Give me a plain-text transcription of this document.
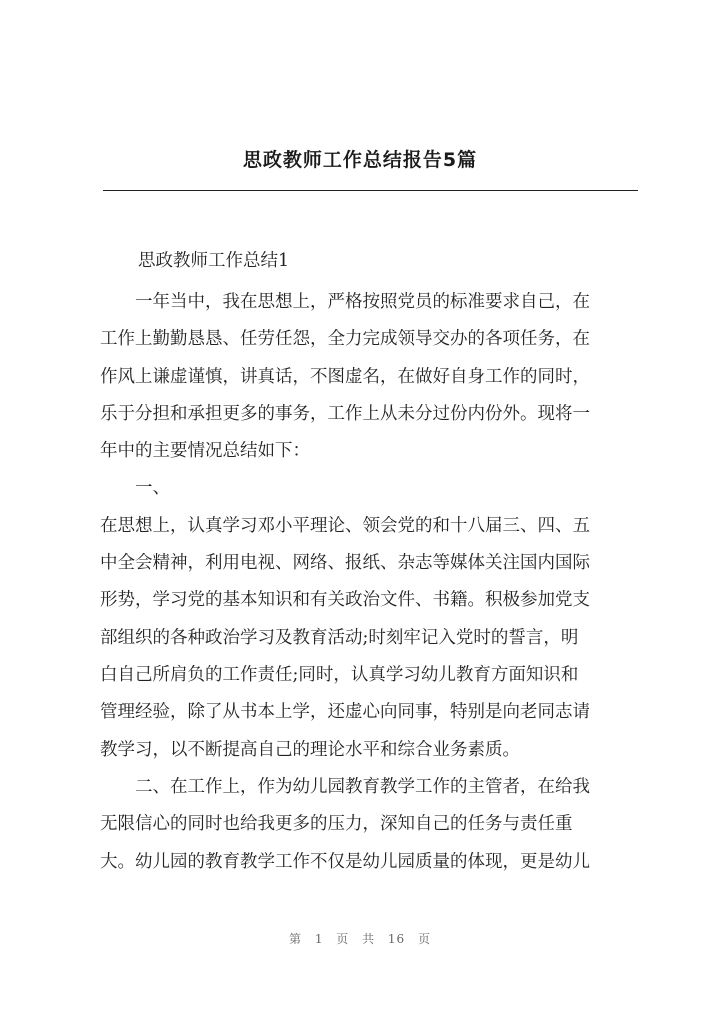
思政教师工作总结报告5篇

思政教师工作总结1

一年当中，我在思想上，严格按照党员的标准要求自己，在

工作上勤勤恳恳、任劳任怨，全力完成领导交办的各项任务，在

作风上谦虚谨慎，讲真话，不图虚名，在做好自身工作的同时，

乐于分担和承担更多的事务，工作上从未分过份内份外。现将一

年中的主要情况总结如下：

一、

在思想上，认真学习邓小平理论、领会党的和十八届三、四、五

中全会精神，利用电视、网络、报纸、杂志等媒体关注国内国际

形势，学习党的基本知识和有关政治文件、书籍。积极参加党支

部组织的各种政治学习及教育活动;时刻牢记入党时的誓言，明

白自己所肩负的工作责任;同时，认真学习幼儿教育方面知识和

管理经验，除了从书本上学，还虚心向同事，特别是向老同志请

教学习，以不断提高自己的理论水平和综合业务素质。

二、在工作上，作为幼儿园教育教学工作的主管者，在给我

无限信心的同时也给我更多的压力，深知自己的任务与责任重

大。幼儿园的教育教学工作不仅是幼儿园质量的体现，更是幼儿

第 1 页 共 16 页
